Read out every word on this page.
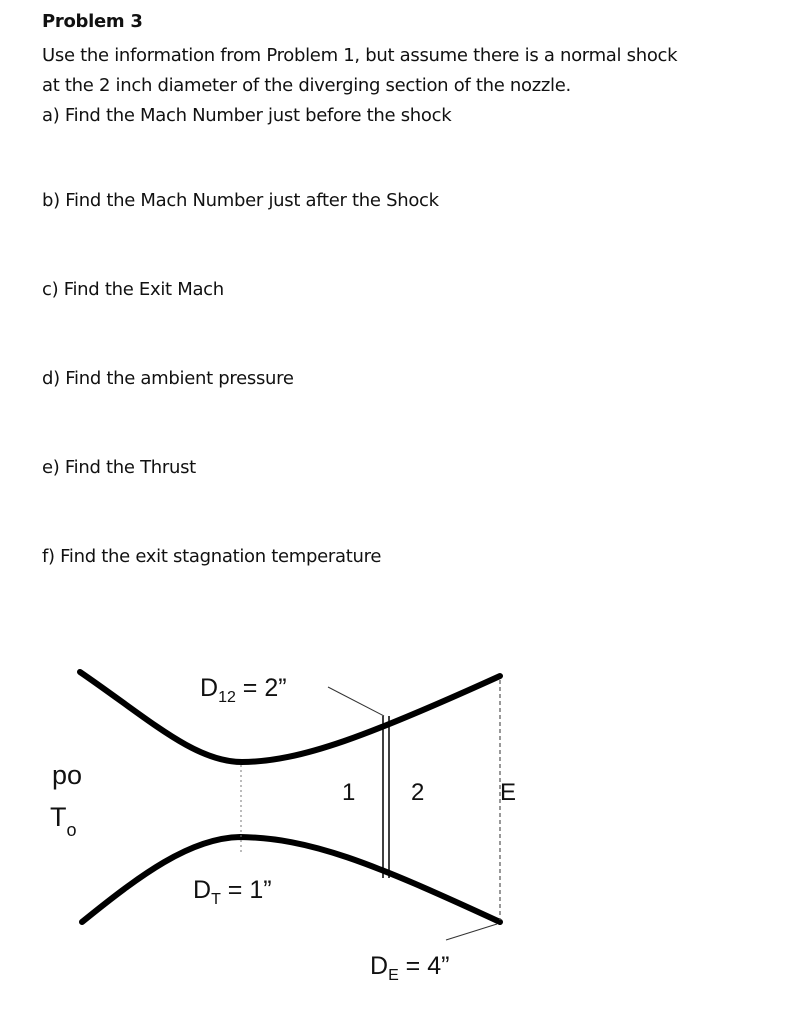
Problem 3
Use the information from Problem 1, but assume there is a normal shock
at the 2 inch diameter of the diverging section of the nozzle.
a) Find the Mach Number just before the shock
b) Find the Mach Number just after the Shock
c) Find the Exit Mach
d) Find the ambient pressure
e) Find the Thrust
f) Find the exit stagnation temperature
$D_{12} = 2$”
$D_T = 1$”
$D_E = 4$”
po
$T_o$
1 2	E
